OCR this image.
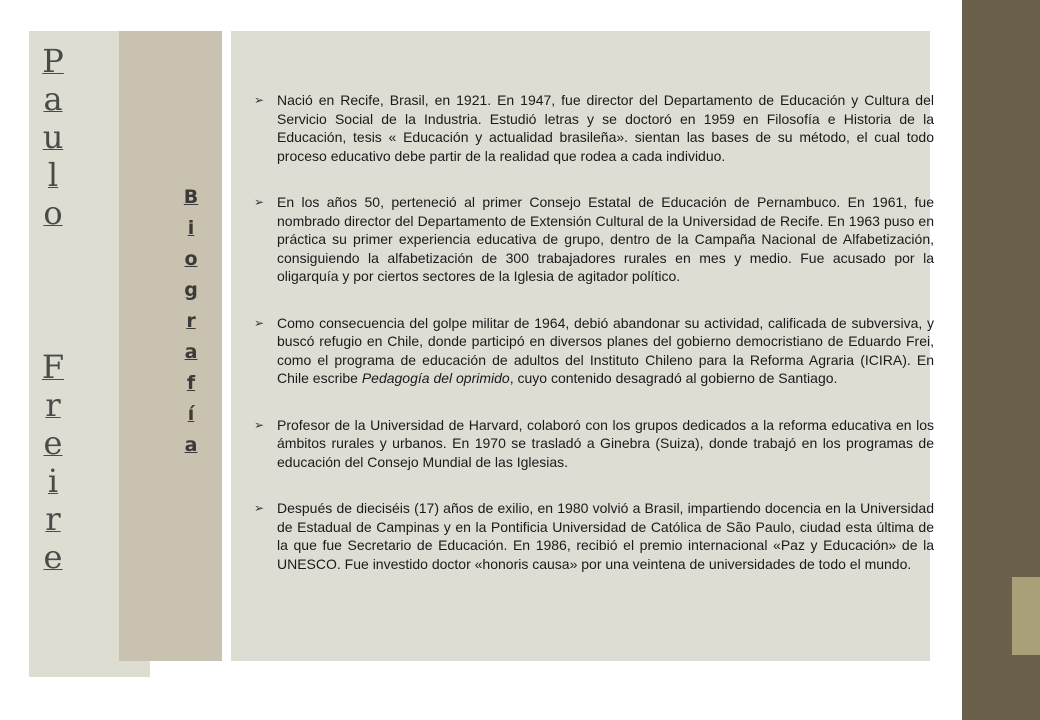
P
a
u
l
o
F
r
e
i
r
e
B
i
o
g
r
a
f
í
a
➢ Nació en Recife, Brasil, en 1921. En 1947, fue director del Departamento de Educación y Cultura del Servicio Social de la Industria. Estudió letras y se doctoró en 1959 en Filosofía e Historia de la Educación, tesis « Educación y actualidad brasileña». sientan las bases de su método, el cual todo proceso educativo debe partir de la realidad que rodea a cada individuo.
➢ En los años 50, perteneció al primer Consejo Estatal de Educación de Pernambuco. En 1961, fue nombrado director del Departamento de Extensión Cultural de la Universidad de Recife. En 1963 puso en práctica su primer experiencia educativa de grupo, dentro de la Campaña Nacional de Alfabetización, consiguiendo la alfabetización de 300 trabajadores rurales en mes y medio. Fue acusado por la oligarquía y por ciertos sectores de la Iglesia de agitador político.
➢ Como consecuencia del golpe militar de 1964, debió abandonar su actividad, calificada de subversiva, y buscó refugio en Chile, donde participó en diversos planes del gobierno democristiano de Eduardo Frei, como el programa de educación de adultos del Instituto Chileno para la Reforma Agraria (ICIRA). En Chile escribe Pedagogía del oprimido, cuyo contenido desagradó al gobierno de Santiago.
➢ Profesor de la Universidad de Harvard, colaboró con los grupos dedicados a la reforma educativa en los ámbitos rurales y urbanos. En 1970 se trasladó a Ginebra (Suiza), donde trabajó en los programas de educación del Consejo Mundial de las Iglesias.
➢ Después de dieciséis (17) años de exilio, en 1980 volvió a Brasil, impartiendo docencia en la Universidad de Estadual de Campinas y en la Pontificia Universidad de Católica de São Paulo, ciudad esta última de la que fue Secretario de Educación. En 1986, recibió el premio internacional «Paz y Educación» de la UNESCO. Fue investido doctor «honoris causa» por una veintena de universidades de todo el mundo.
